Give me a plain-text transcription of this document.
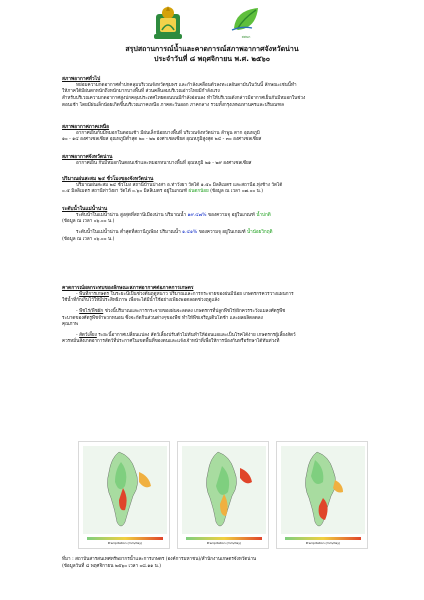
สสนก
สรุปสถานการณ์น้ำและคาดการณ์สภาพอากาศจังหวัดน่าน
ประจำวันที่ ๘ พฤศจิกายน พ.ศ. ๒๕๖๐
สภาพอากาศทั่วไป
หย่อมความกดอากาศต่ำปกคลุมบริเวณจังหวัดชุมพร และกำลังเคลื่อนตัวลงทะเลอันดามันในวันนี้ ลักษณะเช่นนี้ทำ
ให้ภาคใต้มีฝนตกหนักถึงหนักมากบางพื้นที่ ส่วนคลื่นลมบริเวณอ่าวไทยมีกำลังแรง
สำหรับบริเวณความกดอากาศสูงปกคลุมประเทศไทยตอนบนมีกำลังอ่อนลง ทำให้บริเวณดังกล่าวมีอากาศเย็นกับมีหมอกในช่วง
ตอนเช้า โดยมีฝนเล็กน้อยเกิดขึ้นบริเวณภาคเหนือ ภาคตะวันออก ภาคกลาง รวมทั้งกรุงเทพมหานครและปริมณฑล
สภาพอากาศภาคเหนือ
อากาศเย็นกับมีหมอกในตอนเช้า มีฝนเล็กน้อยบางพื้นที่ บริเวณจังหวัดน่าน ลำพูน ตาก อุณหภูมิ
๑๐ - ๑๔ องศาเซลเซียส อุณหภูมิต่ำสุด ๒๐ - ๒๒ องศาเซลเซียส อุณหภูมิสูงสุด ๒๔ - ๓๐ องศาเซลเซียส
สภาพอากาศจังหวัดน่าน
อากาศเย็น กับมีหมอกในตอนเช้าและหมอกหนาบางพื้นที่ อุณหภูมิ ๒๑ - ๒๙ องศาเซลเซียส
ปริมาณฝนสะสม ๒๔ ชั่วโมงของจังหวัดน่าน
ปริมาณฝนสะสม ๒๔ ชั่วโมง สถานีบ้านปางสา อ.ท่าวังผา วัดได้ ๑.๕๐ มิลลิเมตร และสถานีอ.ทุ่งช้าง วัดได้
๐.๕ มิลลิเมตร สถานีท่าวังผา วัดได้ ๐.๖๐ มิลลิเมตร อยู่ในเกณฑ์ ฝนตกน้อย (ข้อมูล ณ เวลา ๐๗.๐๐ น.)
ระดับน้ำในแม่น้ำน่าน
ระดับน้ำในแม่น้ำน่าน สูงสุดที่สถานีเมืองน่าน ปริมาณน้ำ ๑๙.๔๗% ของความจุ อยู่ในเกณฑ์ น้ำปกติ
(ข้อมูล ณ เวลา ๐๖.๐๐ น.)
ระดับน้ำในแม่น้ำน่าน ต่ำสุดที่สถานีภูเพียง ปริมาณน้ำ ๑.๔๑% ของความจุ อยู่ในเกณฑ์ น้ำน้อยวิกฤติ
(ข้อมูล ณ เวลา ๐๖.๐๐ น.)
คาดการณ์ผลกระทบของลักษณะสภาพอากาศต่อภาคการเกษตร
- พื้นที่การเกษตร ในระยะนี้เป็นช่วงต้นฤดูหนาว ปริมาณและการกระจายของฝนมีน้อย เกษตรกรควรวางแผนการ
ใช้น้ำที่กักเก็บไว้ให้มีประสิทธิภาพ เพื่อจะได้มีน้ำใช้อย่างเพียงพอตลอดช่วงฤดูแล้ง
- พืชไร่/พืชผัก ช่วงนี้ปริมาณและการกระจายของฝนจะลดลง เกษตรกรที่ปลูกพืชไร่/ผักควรระวังแมลงศัตรูพืช
ระบาดของศัตรูพืชจำพวกหนอน ซึ่งจะกัดกินส่วนต่างๆของพืช ทำให้พืชเจริญเติบโตช้า และผลผลิตลดลง
คุณภาพ
- สัตว์เลี้ยง ระยะนี้อากาศเปลี่ยนแปลง สัตว์เลี้ยงปรับตัวไม่ทันทำให้อ่อนแอและเป็นโรคได้ง่าย เกษตรกรผู้เลี้ยงสัตว์
ควรหมั่นสังเกตอาการสัตว์ที่ประกาศในเขตพื้นที่ของตนและแจ้งเจ้าหน้าที่เพื่อให้การป้องกันหรือรักษาได้ทันท่วงที
Precipitation (mm/day)	Precipitation (mm/day)	Precipitation (mm/day)
ที่มา : สถาบันสารสนเทศทรัพยากรน้ำและการเกษตร (องค์การมหาชน)/สำนักงานเกษตรจังหวัดน่าน
(ข้อมูลวันที่ ๘ พฤศจิกายน ๒๕๖๐ เวลา ๐๘.๑๑ น.)
